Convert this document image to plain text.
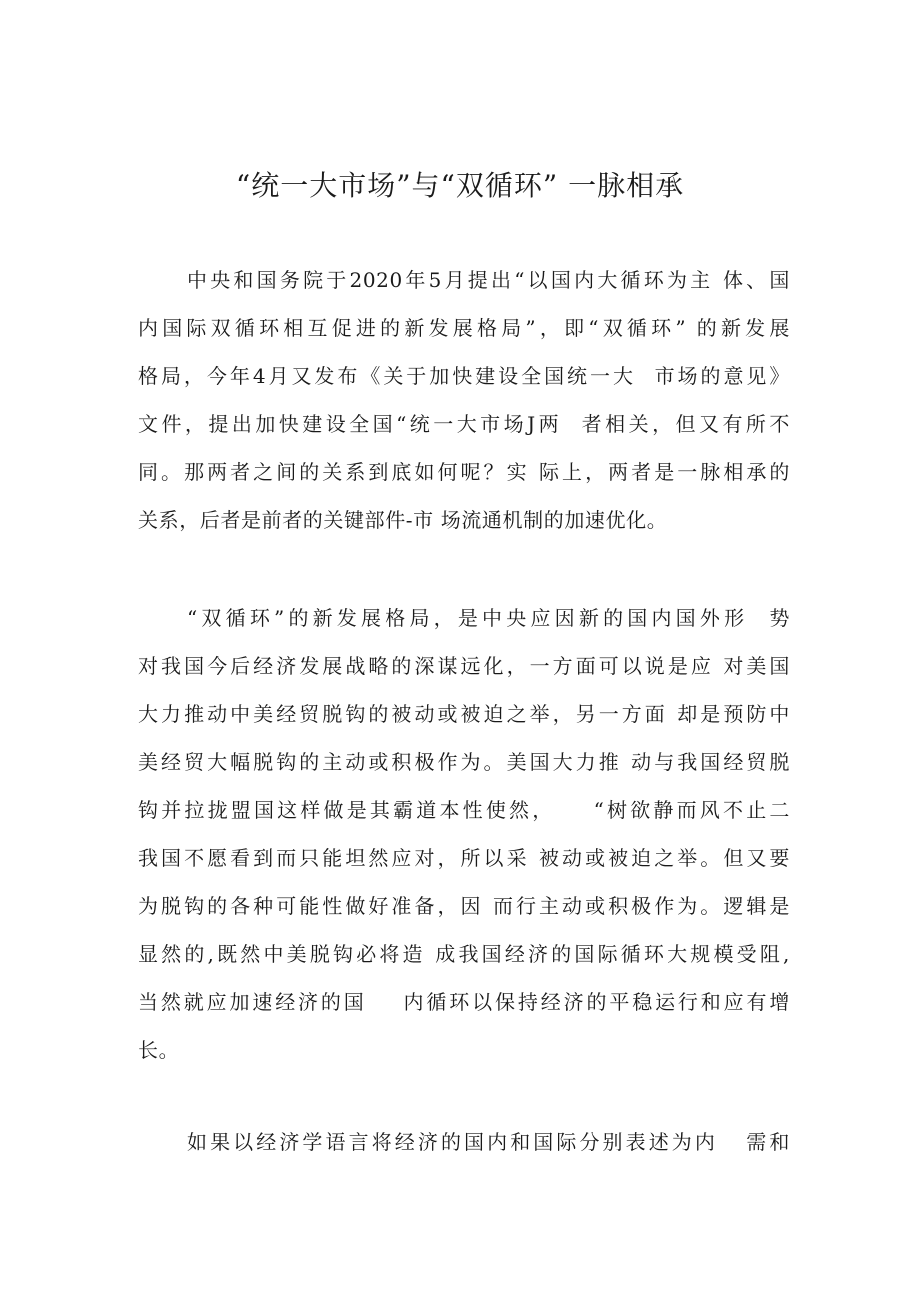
“统一大市场”与“双循环” 一脉相承
中央和国务院于2020年5月提出“以国内大循环为主 体、国
内国际双循环相互促进的新发展格局”，即“双循环” 的新发展
格局，今年4月又发布《关于加快建设全国统一大  市场的意见》
文件，提出加快建设全国“统一大市场J两  者相关，但又有所不
同。那两者之间的关系到底如何呢？实 际上，两者是一脉相承的
关系，后者是前者的关键部件-市 场流通机制的加速优化。
“双循环”的新发展格局，是中央应因新的国内国外形  势
对我国今后经济发展战略的深谋远化，一方面可以说是应 对美国
大力推动中美经贸脱钩的被动或被迫之举，另一方面 却是预防中
美经贸大幅脱钩的主动或积极作为。美国大力推 动与我国经贸脱
钩并拉拢盟国这样做是其霸道本性使然，    “树欲静而风不止二
我国不愿看到而只能坦然应对，所以采 被动或被迫之举。但又要
为脱钩的各种可能性做好准备，因 而行主动或积极作为。逻辑是
显然的,既然中美脱钩必将造 成我国经济的国际循环大规模受阻,
当然就应加速经济的国    内循环以保持经济的平稳运行和应有增
长。
如果以经济学语言将经济的国内和国际分别表述为内   需和
